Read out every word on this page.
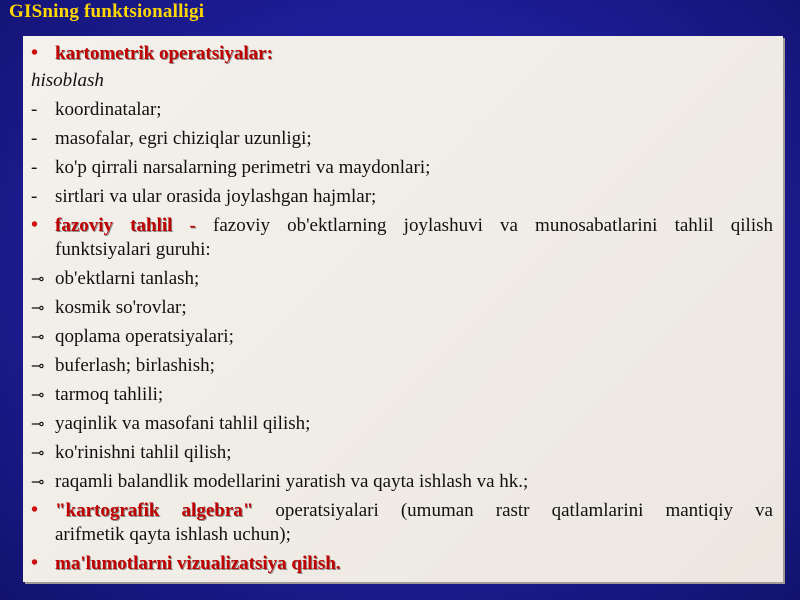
GISning funktsionalligi
• kartometrik operatsiyalar:
hisoblash
- koordinatalar;
- masofalar, egri chiziqlar uzunligi;
- ko'p qirrali narsalarning perimetri va maydonlari;
- sirtlari va ular orasida joylashgan hajmlar;
• fazoviy tahlil - fazoviy ob'ektlarning joylashuvi va munosabatlarini tahlil qilish
funktsiyalari guruhi:
⊸ ob'ektlarni tanlash;
⊸ kosmik so'rovlar;
⊸ qoplama operatsiyalari;
⊸ buferlash; birlashish;
⊸ tarmoq tahlili;
⊸ yaqinlik va masofani tahlil qilish;
⊸ ko'rinishni tahlil qilish;
⊸ raqamli balandlik modellarini yaratish va qayta ishlash va hk.;
• "kartografik algebra" operatsiyalari (umuman rastr qatlamlarini mantiqiy va
arifmetik qayta ishlash uchun);
• ma'lumotlarni vizualizatsiya qilish.
